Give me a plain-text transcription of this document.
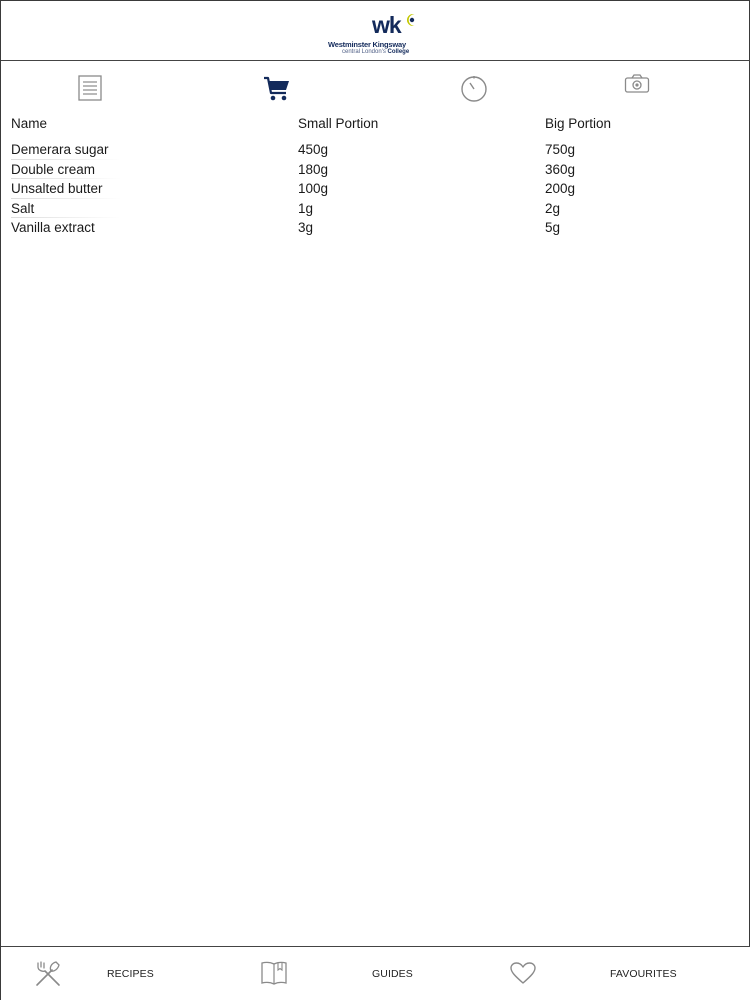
wk
Westminster Kingsway
central London's College
Name	Small Portion	Big Portion
Demerara sugar	450g	750g
Double cream	180g	360g
Unsalted butter	100g	200g
Salt	1g	2g
Vanilla extract	3g	5g
RECIPES	GUIDES	FAVOURITES
